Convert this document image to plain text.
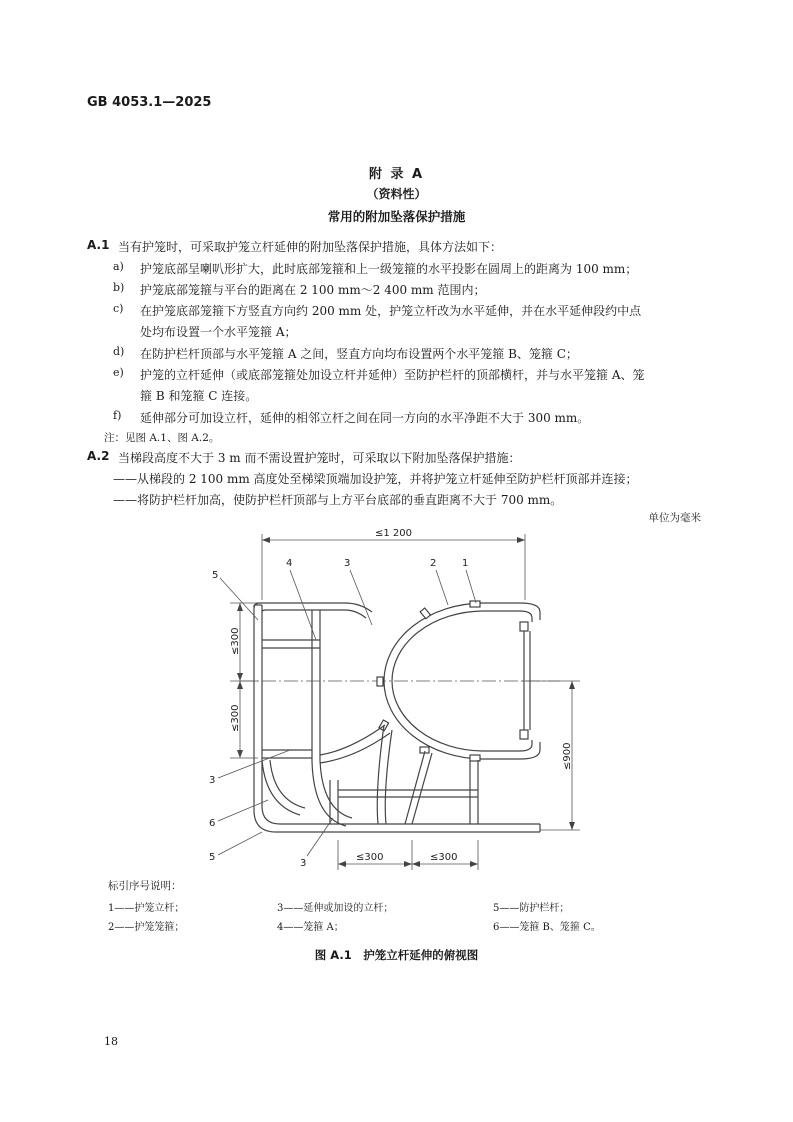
GB 4053.1—2025
附 录 A
（资料性）
常用的附加坠落保护措施
A.1 当有护笼时，可采取护笼立杆延伸的附加坠落保护措施，具体方法如下：
a) 护笼底部呈喇叭形扩大，此时底部笼箍和上一级笼箍的水平投影在圆周上的距离为 100 mm；
b) 护笼底部笼箍与平台的距离在 2 100 mm～2 400 mm 范围内；
c) 在护笼底部笼箍下方竖直方向约 200 mm 处，护笼立杆改为水平延伸，并在水平延伸段约中点
处均布设置一个水平笼箍 A；
d) 在防护栏杆顶部与水平笼箍 A 之间，竖直方向均布设置两个水平笼箍 B、笼箍 C；
e) 护笼的立杆延伸（或底部笼箍处加设立杆并延伸）至防护栏杆的顶部横杆，并与水平笼箍 A、笼
箍 B 和笼箍 C 连接。
f) 延伸部分可加设立杆，延伸的相邻立杆之间在同一方向的水平净距不大于 300 mm。
注：见图 A.1、图 A.2。
A.2 当梯段高度不大于 3 m 而不需设置护笼时，可采取以下附加坠落保护措施：
——从梯段的 2 100 mm 高度处至梯梁顶端加设护笼，并将护笼立杆延伸至防护栏杆顶部并连接；
——将防护栏杆加高，使防护栏杆顶部与上方平台底部的垂直距离不大于 700 mm。
单位为毫米
≤1 200
≤300
≤300
≤900
≤300	≤300
1
2
3
4
5
3
6
5
3
标引序号说明：
1——护笼立杆；
2——护笼笼箍；
3——延伸或加设的立杆；
4——笼箍 A；
5——防护栏杆；
6——笼箍 B、笼箍 C。
图 A.1　护笼立杆延伸的俯视图
18
